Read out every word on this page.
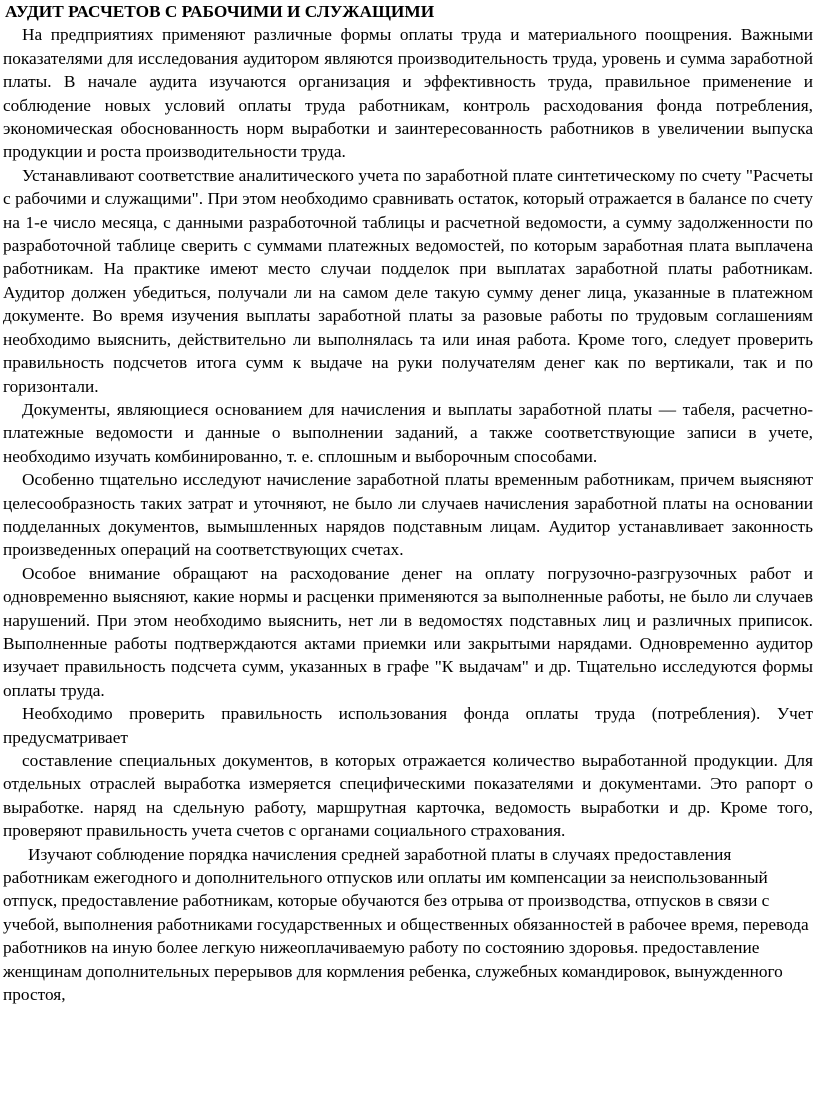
АУДИТ РАСЧЕТОВ С РАБОЧИМИ И СЛУЖАЩИМИ

На предприятиях применяют различные формы оплаты труда и материального поощрения. Важными показателями для исследования аудитором являются производительность труда, уровень и сумма заработной платы. В начале аудита изучаются организация и эффективность труда, правильное применение и соблюдение новых условий оплаты труда работникам, контроль расходования фонда потребления, экономическая обоснованность норм выработки и заинтересованность работников в увеличении выпуска продукции и роста производительности труда.

Устанавливают соответствие аналитического учета по заработной плате синтетическому по счету "Расчеты с рабочими и служащими". При этом необходимо сравнивать остаток, который отражается в балансе по счету на 1-е число месяца, с данными разработочной таблицы и расчетной ведомости, а сумму задолженности по разработочной таблице сверить с суммами платежных ведомостей, по которым заработная плата выплачена работникам. На практике имеют место случаи подделок при выплатах заработной платы работникам. Аудитор должен убедиться, получали ли на самом деле такую сумму денег лица, указанные в платежном документе. Во время изучения выплаты заработной платы за разовые работы по трудовым соглашениям необходимо выяснить, действительно ли выполнялась та или иная работа. Кроме того, следует проверить правильность подсчетов итога сумм к выдаче на руки получателям денег как по вертикали, так и по горизонтали.

Документы, являющиеся основанием для начисления и выплаты заработной платы — табеля, расчетно-платежные ведомости и данные о выполнении заданий, а также соответствующие записи в учете, необходимо изучать комбинированно, т. е. сплошным и выборочным способами.

Особенно тщательно исследуют начисление заработной платы временным работникам, причем выясняют целесообразность таких затрат и уточняют, не было ли случаев начисления заработной платы на основании подделанных документов, вымышленных нарядов подставным лицам. Аудитор устанавливает законность произведенных операций на соответствующих счетах.

Особое внимание обращают на расходование денег на оплату погрузочно-разгрузочных работ и одновременно выясняют, какие нормы и расценки применяются за выполненные работы, не было ли случаев нарушений. При этом необходимо выяснить, нет ли в ведомостях подставных лиц и различных приписок. Выполненные работы подтверждаются актами приемки или закрытыми нарядами. Одновременно аудитор изучает правильность подсчета сумм, указанных в графе "К выдачам" и др. Тщательно исследуются формы оплаты труда.

Необходимо проверить правильность использования фонда оплаты труда (потребления). Учет предусматривает

составление специальных документов, в которых отражается количество выработанной продукции. Для отдельных отраслей выработка измеряется специфическими показателями и документами. Это рапорт о выработке. наряд на сдельную работу, маршрутная карточка, ведомость выработки и др. Кроме того, проверяют правильность учета счетов с органами социального страхования.

Изучают соблюдение порядка начисления средней заработной платы в случаях предоставления работникам ежегодного и дополнительного отпусков или оплаты им компенсации за неиспользованный отпуск, предоставление работникам, которые обучаются без отрыва от производства, отпусков в связи с учебой, выполнения работниками государственных и общественных обязанностей в рабочее время, перевода работников на иную более легкую нижеоплачиваемую работу по состоянию здоровья. предоставление женщинам дополнительных перерывов для кормления ребенка, служебных командировок, вынужденного простоя,
